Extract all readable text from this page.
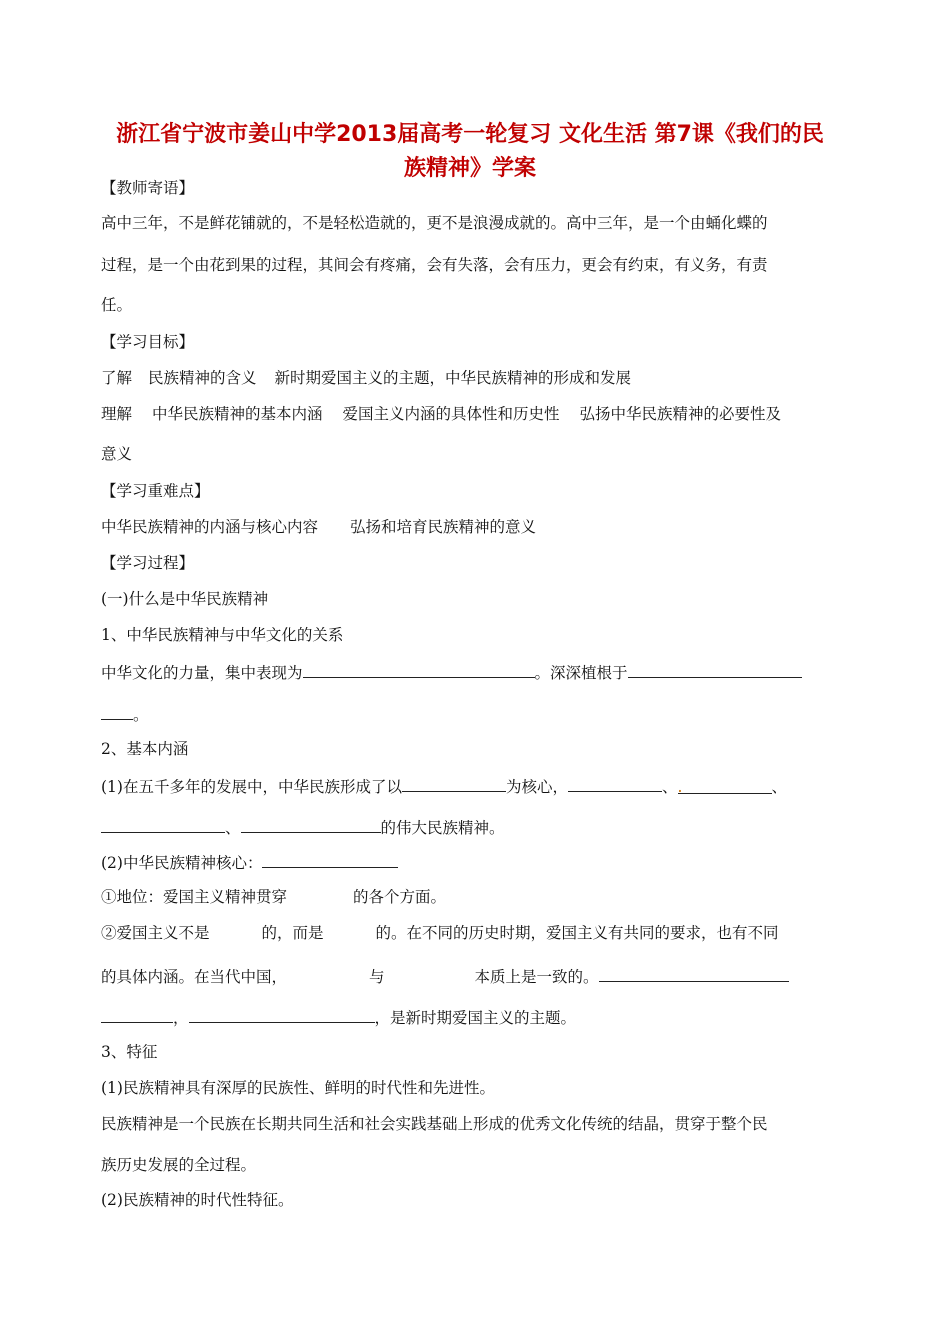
浙江省宁波市姜山中学2013届高考一轮复习 文化生活 第7课《我们的民
族精神》学案
【教师寄语】
高中三年，不是鲜花铺就的，不是轻松造就的，更不是浪漫成就的。高中三年，是一个由蛹化蝶的
过程，是一个由花到果的过程，其间会有疼痛，会有失落，会有压力，更会有约束，有义务，有责
任。
【学习目标】
了解 民族精神的含义 新时期爱国主义的主题，中华民族精神的形成和发展
理解 中华民族精神的基本内涵 爱国主义内涵的具体性和历史性 弘扬中华民族精神的必要性及
意义
【学习重难点】
中华民族精神的内涵与核心内容 弘扬和培育民族精神的意义
【学习过程】
(一)什么是中华民族精神
1、中华民族精神与中华文化的关系
中华文化的力量，集中表现为	。深深植根于
。
2、基本内涵
(1)在五千多年的发展中，中华民族形成了以	为核心，	、.	、
、	的伟大民族精神。
(2)中华民族精神核心：
①地位：爱国主义精神贯穿	的各个方面。
②爱国主义不是	的，而是	的。在不同的历史时期，爱国主义有共同的要求，也有不同
的具体内涵。在当代中国，	与	本质上是一致的。
，	，是新时期爱国主义的主题。
3、特征
(1)民族精神具有深厚的民族性、鲜明的时代性和先进性。
民族精神是一个民族在长期共同生活和社会实践基础上形成的优秀文化传统的结晶，贯穿于整个民
族历史发展的全过程。
(2)民族精神的时代性特征。
